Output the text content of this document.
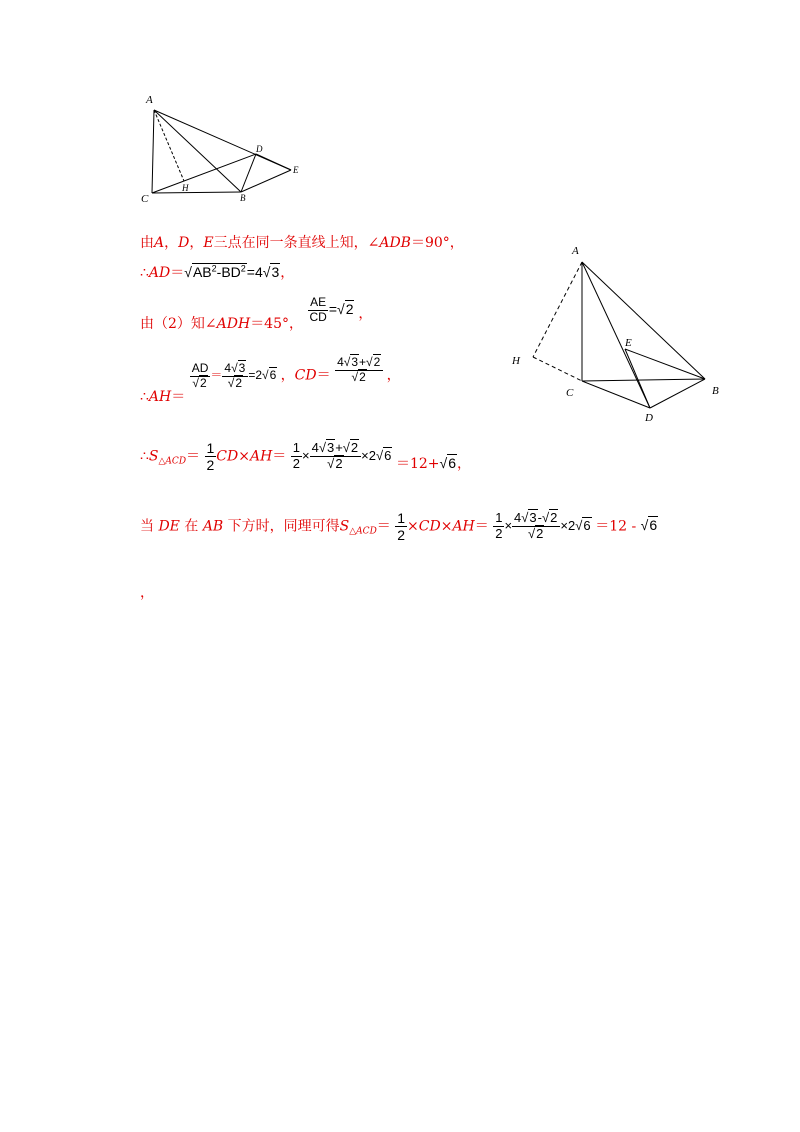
A
C
H
B
D
E
A
H
E
C	B
D
由A，D，E三点在同一条直线上知，∠ADB＝90°，
$\therefore AD=√AB^2-BD^2=4√3$，
由（2）知∠ADH＝45°， $\frac{AE}{CD} =√2$ ，
∴AH＝
$\frac{AD}{√2} = \frac{4√3}{√2} =2√6$ ，$CD= \frac{4√3+√2}{√2}$ ，
$\therefore S_{\triangle ACD}= \frac{1}{2} CD\times AH= \frac{1}{2} \times \frac{4√3+√2}{√2} \times 2√6 =12+√6$，
当 DE 在 AB 下方时，同理可得$S_{\triangle ACD}= \frac{1}{2} \times CD\times AH= \frac{1}{2} \times \frac{4√3-√2}{√2} \times 2√6 =12 - √6$
，
